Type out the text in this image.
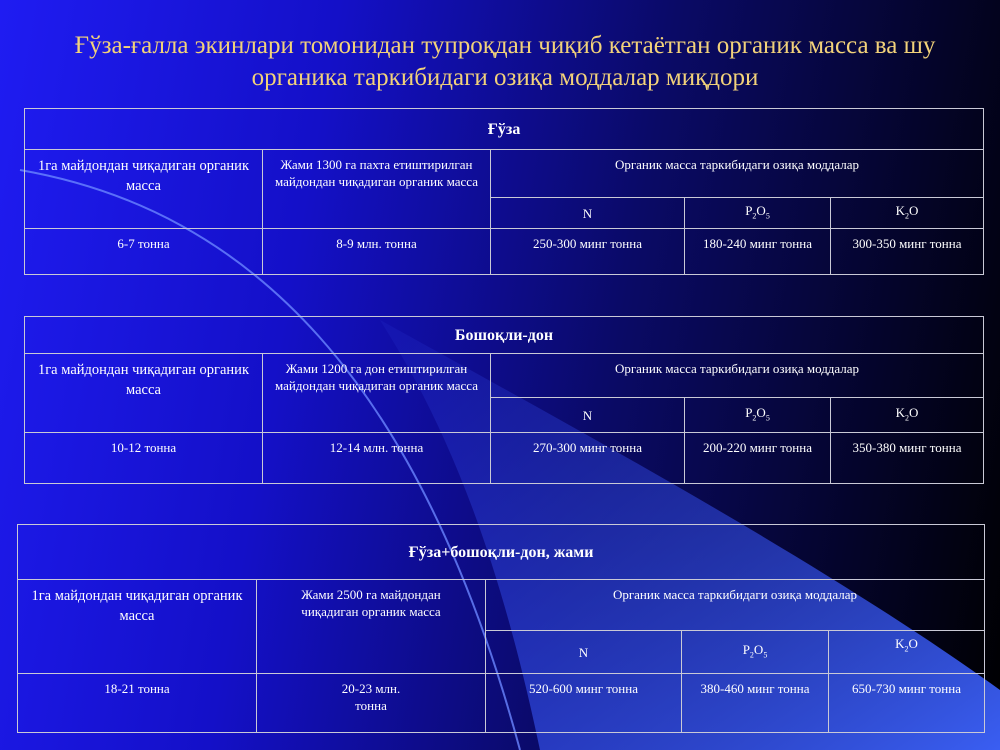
Ғўза-ғалла экинлари томонидан тупроқдан чиқиб кетаётган органик масса ва шу органика таркибидаги озиқа моддалар миқдори
Ғўза				
1га майдондан чиқадиган органик масса	Жами 1300 га пахта етиштирилган майдондан чиқадиган органик масса	Органик масса таркибидаги озиқа моддалар		
		N	$P_2O_5$	$K_2O$
6-7 тонна	8-9 млн. тонна	250-300 минг тонна	180-240 минг тонна	300-350 минг тонна
Бошоқли-дон				
1га майдондан чиқадиган органик масса	Жами 1200 га дон етиштирилган майдондан чиқадиган органик масса	Органик масса таркибидаги озиқа моддалар		
		N	$P_2O_5$	$K_2O$
10-12 тонна	12-14 млн. тонна	270-300 минг тонна	200-220 минг тонна	350-380 минг тонна
Ғўза+бошоқли-дон, жами				
1га майдондан чиқадиган органик масса	Жами 2500 га майдондан чиқадиган органик масса	Органик масса таркибидаги озиқа моддалар		
		N	$P_2O_5$	$K_2O$
18-21 тонна	20-23 млн. тонна	520-600 минг тонна	380-460 минг тонна	650-730 минг тонна
